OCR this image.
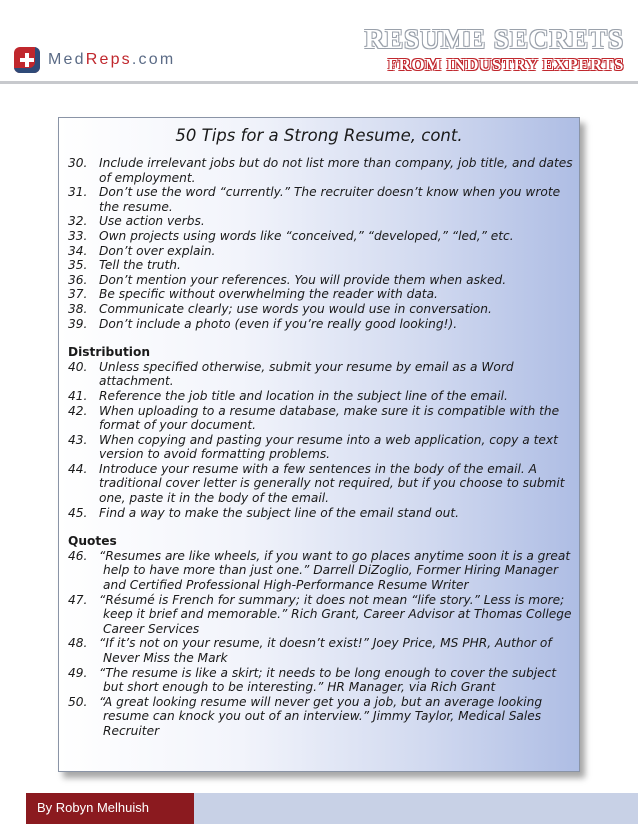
MedReps.com
RESUME SECRETS
FROM INDUSTRY EXPERTS
50 Tips for a Strong Resume, cont.
30. Include irrelevant jobs but do not list more than company, job title, and dates of employment.
31. Don’t use the word “currently.” The recruiter doesn’t know when you wrote the resume.
32. Use action verbs.
33. Own projects using words like “conceived,” “developed,” “led,” etc.
34. Don’t over explain.
35. Tell the truth.
36. Don’t mention your references. You will provide them when asked.
37. Be specific without overwhelming the reader with data.
38. Communicate clearly; use words you would use in conversation.
39. Don’t include a photo (even if you’re really good looking!).
Distribution
40. Unless specified otherwise, submit your resume by email as a Word attachment.
41. Reference the job title and location in the subject line of the email.
42. When uploading to a resume database, make sure it is compatible with the format of your document.
43. When copying and pasting your resume into a web application, copy a text version to avoid formatting problems.
44. Introduce your resume with a few sentences in the body of the email. A traditional cover letter is generally not required, but if you choose to submit one, paste it in the body of the email.
45. Find a way to make the subject line of the email stand out.
Quotes
46. “Resumes are like wheels, if you want to go places anytime soon it is a great help to have more than just one.” Darrell DiZoglio, Former Hiring Manager and Certified Professional High-Performance Resume Writer
47. “Résumé is French for summary; it does not mean “life story.” Less is more; keep it brief and memorable.” Rich Grant, Career Advisor at Thomas College Career Services
48. “If it’s not on your resume, it doesn’t exist!” Joey Price, MS PHR, Author of Never Miss the Mark
49. “The resume is like a skirt; it needs to be long enough to cover the subject but short enough to be interesting.” HR Manager, via Rich Grant
50. “A great looking resume will never get you a job, but an average looking resume can knock you out of an interview.” Jimmy Taylor, Medical Sales Recruiter
By Robyn Melhuish
